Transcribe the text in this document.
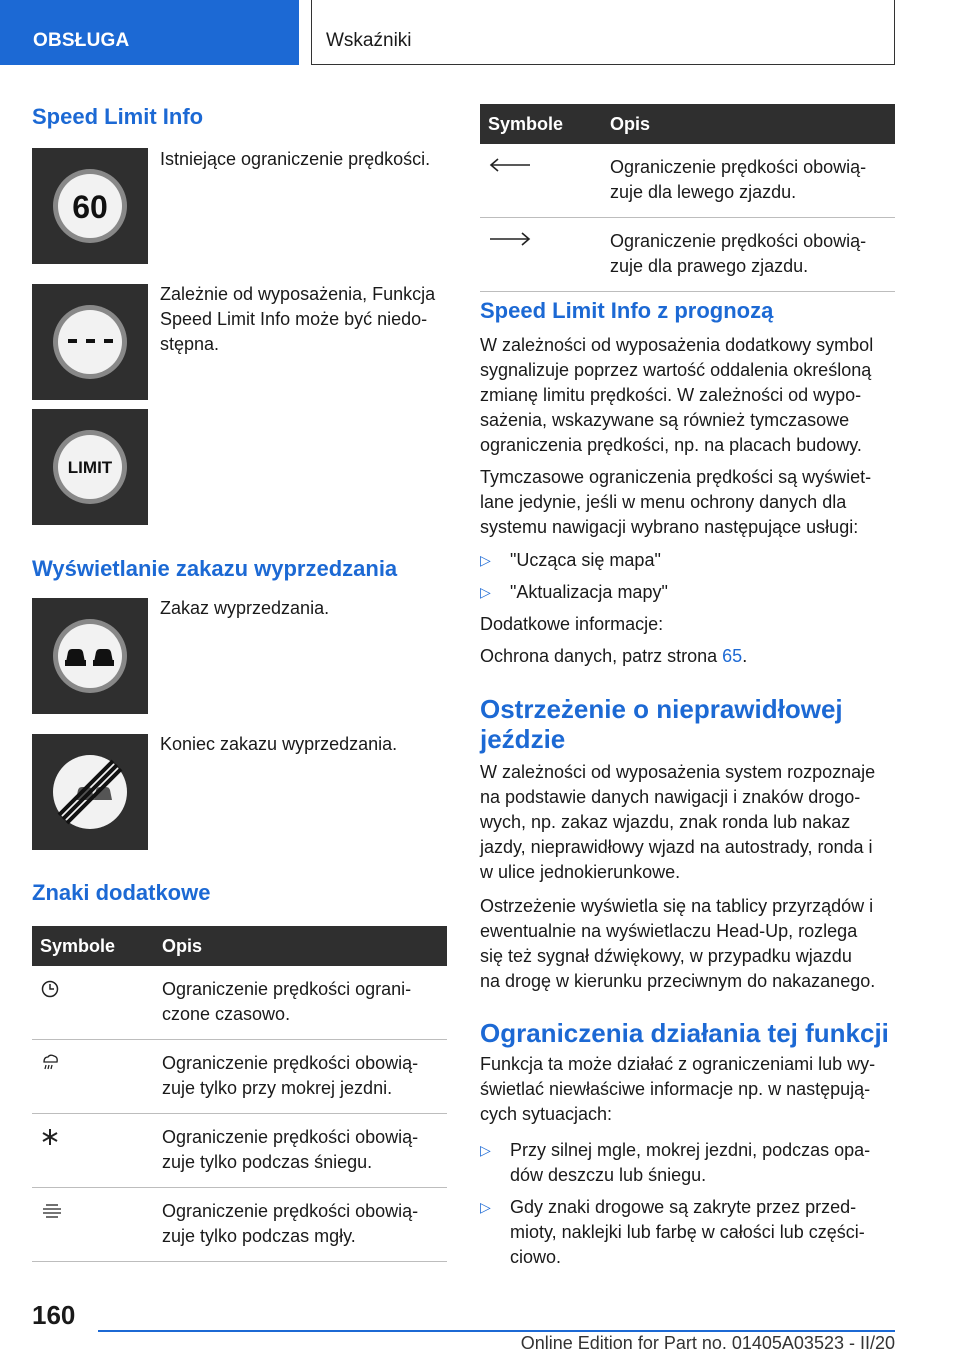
OBSŁUGA	Wskaźniki
Speed Limit Info
60
Istniejące ograniczenie prędkości.
Zależnie od wyposażenia, Funkcja
Speed Limit Info może być niedo-
stępna.
LIMIT
Wyświetlanie zakazu wyprzedzania
Zakaz wyprzedzania.
Koniec zakazu wyprzedzania.
Znaki dodatkowe
Symbole	Opis

Ograniczenie prędkości ograni-
czone czasowo.

Ograniczenie prędkości obowią-
zuje tylko przy mokrej jezdni.

Ograniczenie prędkości obowią-
zuje tylko podczas śniegu.

Ograniczenie prędkości obowią-
zuje tylko podczas mgły.
Symbole	Opis

Ograniczenie prędkości obowią-
zuje dla lewego zjazdu.

Ograniczenie prędkości obowią-
zuje dla prawego zjazdu.
Speed Limit Info z prognozą
W zależności od wyposażenia dodatkowy symbol
sygnalizuje poprzez wartość oddalenia określoną
zmianę limitu prędkości. W zależności od wypo-
sażenia, wskazywane są również tymczasowe
ograniczenia prędkości, np. na placach budowy.
Tymczasowe ograniczenia prędkości są wyświet-
lane jedynie, jeśli w menu ochrony danych dla
systemu nawigacji wybrano następujące usługi:
▷ "Ucząca się mapa"
▷ "Aktualizacja mapy"
Dodatkowe informacje:
Ochrona danych, patrz strona 65.
Ostrzeżenie o nieprawidłowej
jeździe
W zależności od wyposażenia system rozpoznaje
na podstawie danych nawigacji i znaków drogo-
wych, np. zakaz wjazdu, znak ronda lub nakaz
jazdy, nieprawidłowy wjazd na autostrady, ronda i
w ulice jednokierunkowe.
Ostrzeżenie wyświetla się na tablicy przyrządów i
ewentualnie na wyświetlaczu Head-Up, rozlega
się też sygnał dźwiękowy, w przypadku wjazdu
na drogę w kierunku przeciwnym do nakazanego.
Ograniczenia działania tej funkcji
Funkcja ta może działać z ograniczeniami lub wy-
świetlać niewłaściwe informacje np. w następują-
cych sytuacjach:
▷ Przy silnej mgle, mokrej jezdni, podczas opa-
dów deszczu lub śniegu.
▷ Gdy znaki drogowe są zakryte przez przed-
mioty, naklejki lub farbę w całości lub części-
ciowo.
160
Online Edition for Part no. 01405A03523 - II/20
